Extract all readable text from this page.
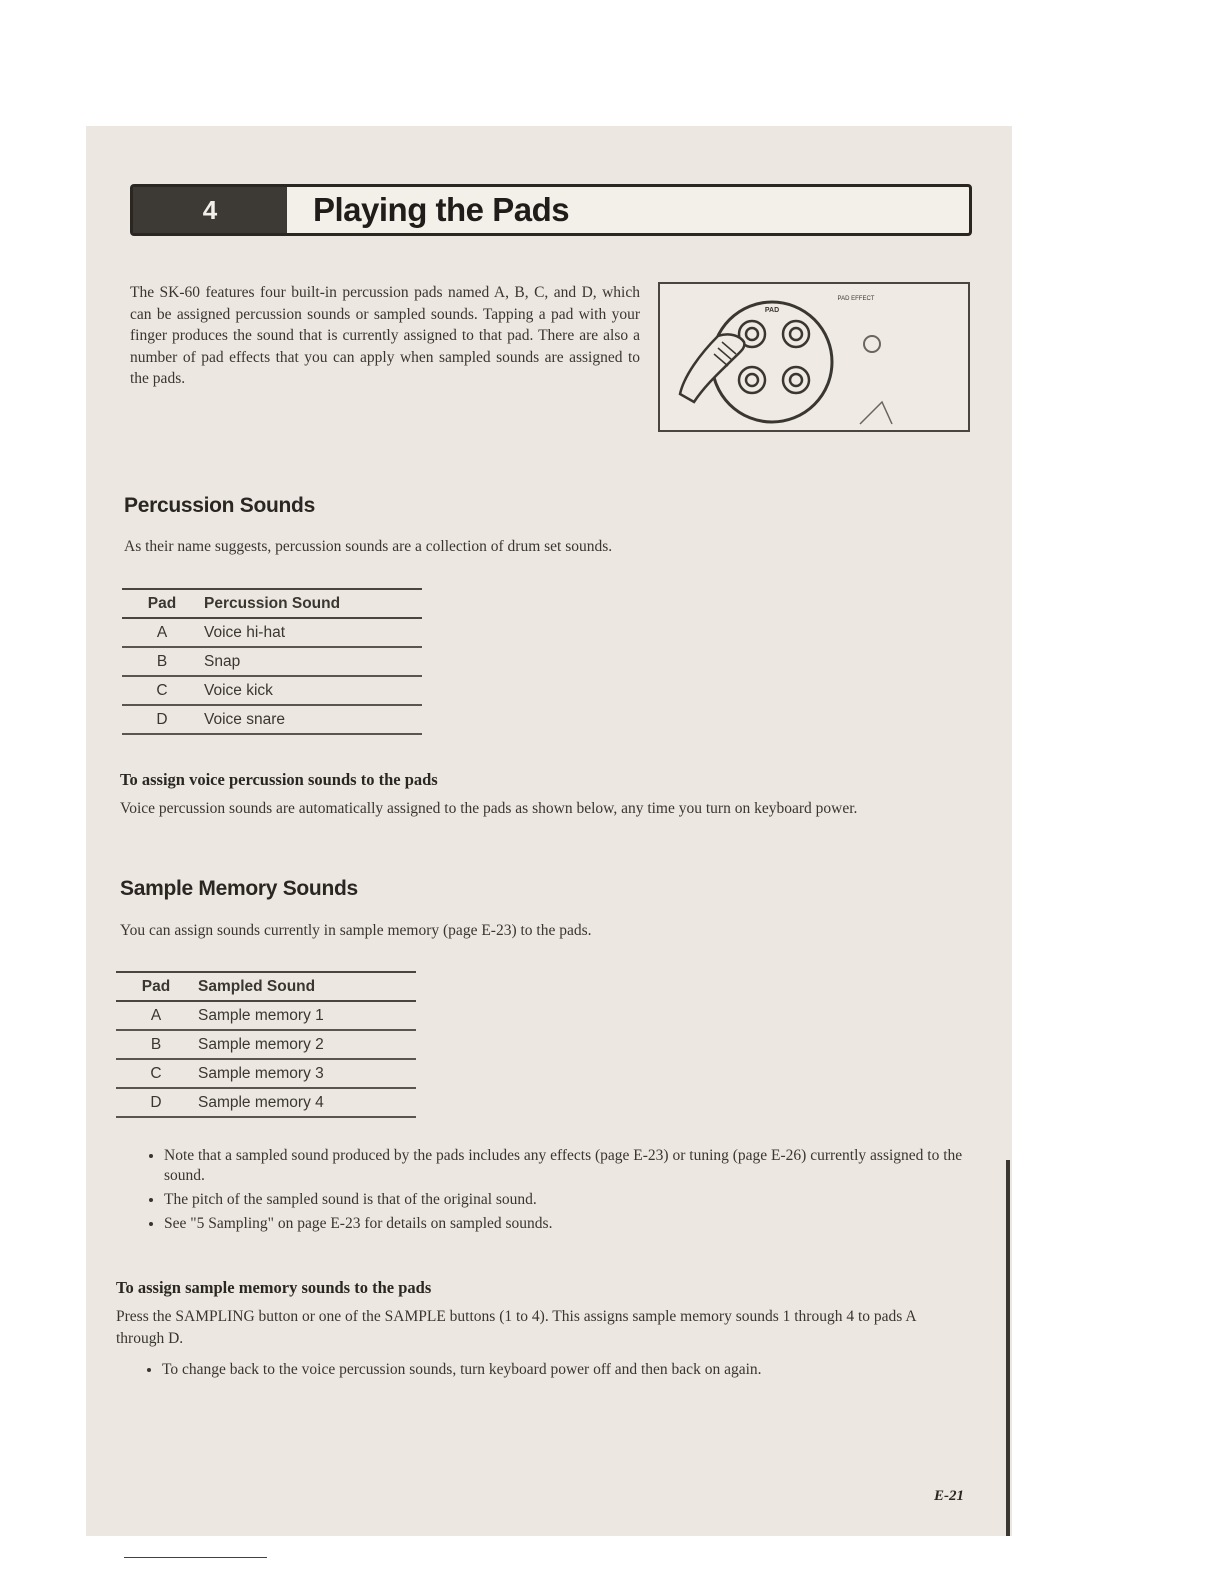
4	Playing the Pads
The SK-60 features four built-in percussion pads named A, B, C, and D, which can be assigned percussion sounds or sampled sounds. Tapping a pad with your finger produces the sound that is currently assigned to that pad. There are also a number of pad effects that you can apply when sampled sounds are assigned to the pads.
PAD
PAD EFFECT
Percussion Sounds
As their name suggests, percussion sounds are a collection of drum set sounds.
Pad	Percussion Sound
A	Voice hi-hat
B	Snap
C	Voice kick
D	Voice snare
To assign voice percussion sounds to the pads
Voice percussion sounds are automatically assigned to the pads as shown below, any time you turn on keyboard power.
Sample Memory Sounds
You can assign sounds currently in sample memory (page E-23) to the pads.
Pad	Sampled Sound
A	Sample memory 1
B	Sample memory 2
C	Sample memory 3
D	Sample memory 4
• Note that a sampled sound produced by the pads includes any effects (page E-23) or tuning (page E-26) currently assigned to the sound.
• The pitch of the sampled sound is that of the original sound.
• See "5 Sampling" on page E-23 for details on sampled sounds.
To assign sample memory sounds to the pads
Press the SAMPLING button or one of the SAMPLE buttons (1 to 4). This assigns sample memory sounds 1 through 4 to pads A through D.
• To change back to the voice percussion sounds, turn keyboard power off and then back on again.
E-21
